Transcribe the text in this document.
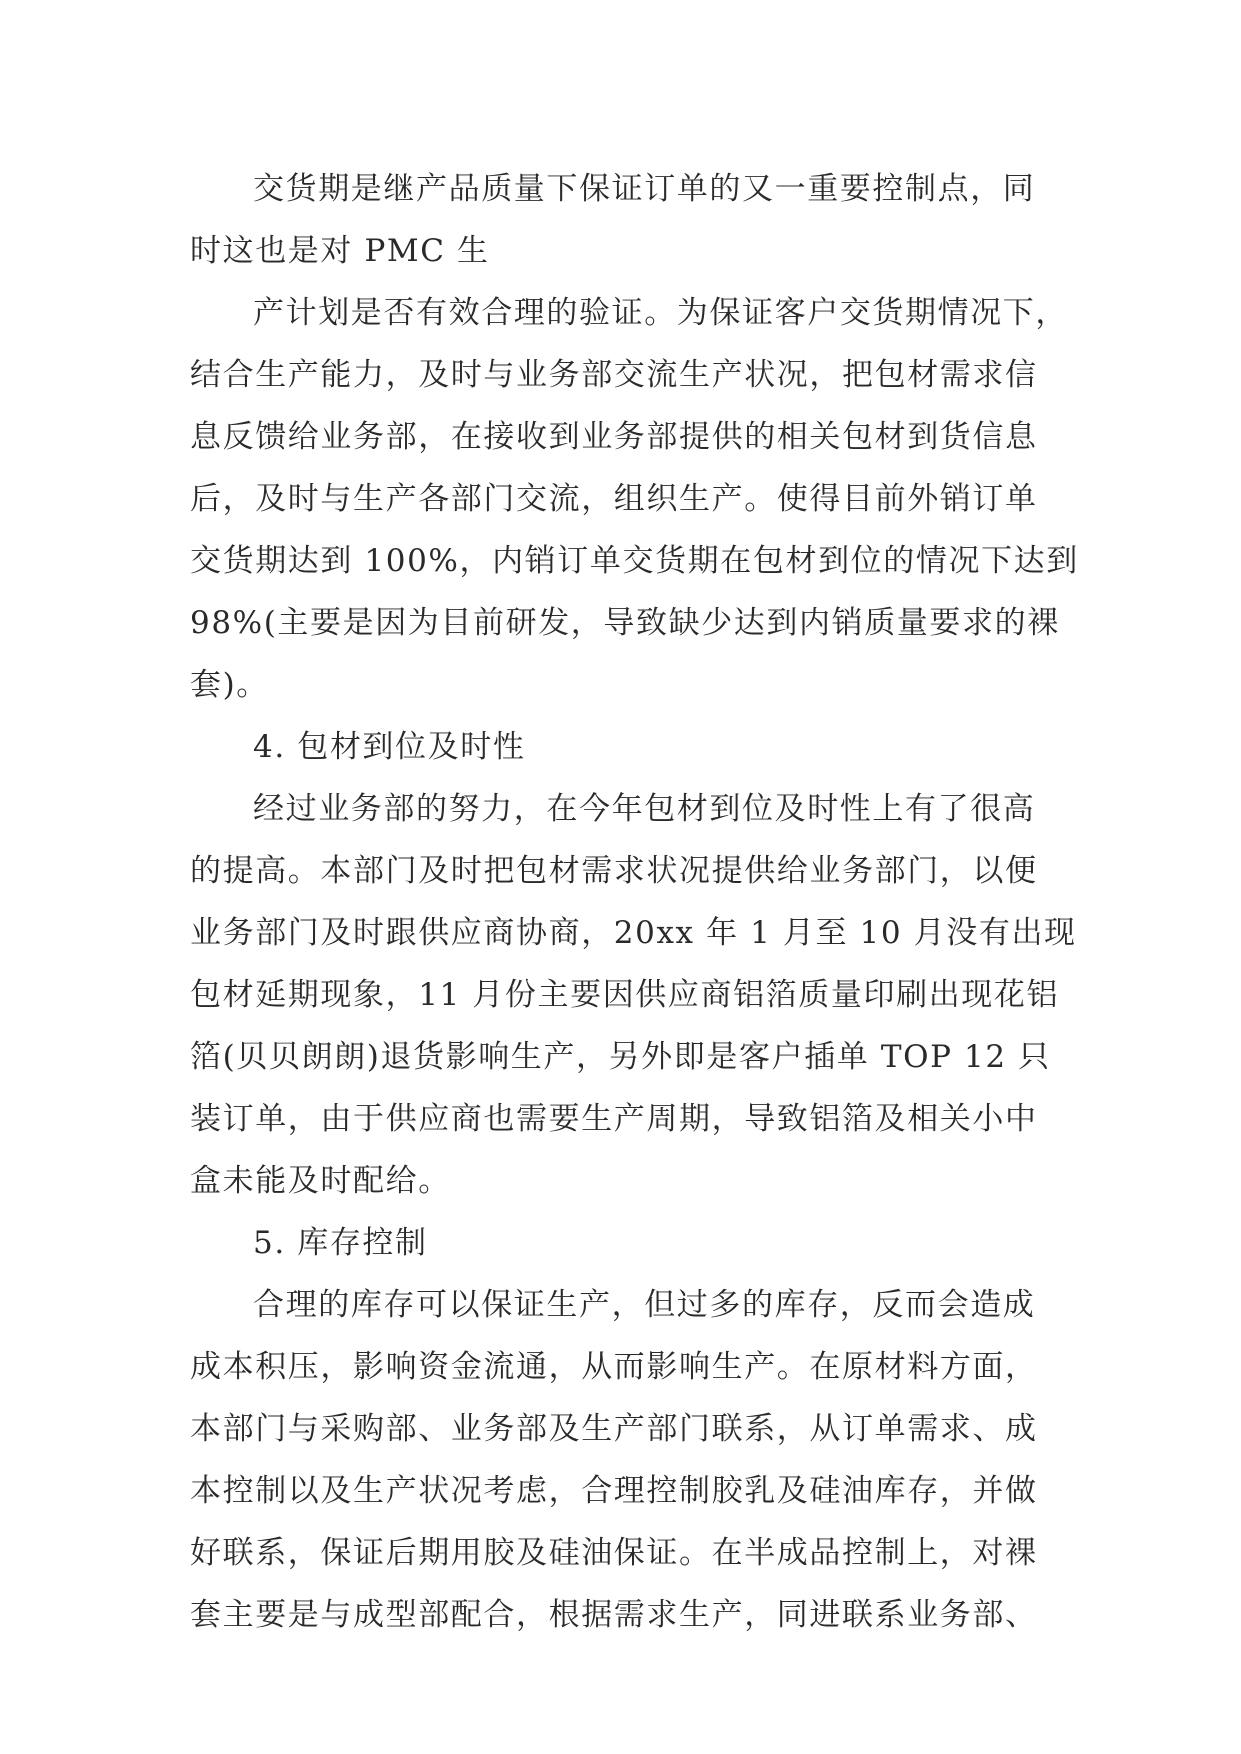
交货期是继产品质量下保证订单的又一重要控制点，同
时这也是对 PMC 生
产计划是否有效合理的验证。为保证客户交货期情况下，
结合生产能力，及时与业务部交流生产状况，把包材需求信
息反馈给业务部，在接收到业务部提供的相关包材到货信息
后，及时与生产各部门交流，组织生产。使得目前外销订单
交货期达到 100%，内销订单交货期在包材到位的情况下达到
98%(主要是因为目前研发，导致缺少达到内销质量要求的裸
套)。
4. 包材到位及时性
经过业务部的努力，在今年包材到位及时性上有了很高
的提高。本部门及时把包材需求状况提供给业务部门，以便
业务部门及时跟供应商协商，20xx 年 1 月至 10 月没有出现
包材延期现象，11 月份主要因供应商铝箔质量印刷出现花铝
箔(贝贝朗朗)退货影响生产，另外即是客户插单 TOP 12 只
装订单，由于供应商也需要生产周期，导致铝箔及相关小中
盒未能及时配给。
5. 库存控制
合理的库存可以保证生产，但过多的库存，反而会造成
成本积压，影响资金流通，从而影响生产。在原材料方面，
本部门与采购部、业务部及生产部门联系，从订单需求、成
本控制以及生产状况考虑，合理控制胶乳及硅油库存，并做
好联系，保证后期用胶及硅油保证。在半成品控制上，对裸
套主要是与成型部配合，根据需求生产，同进联系业务部、
